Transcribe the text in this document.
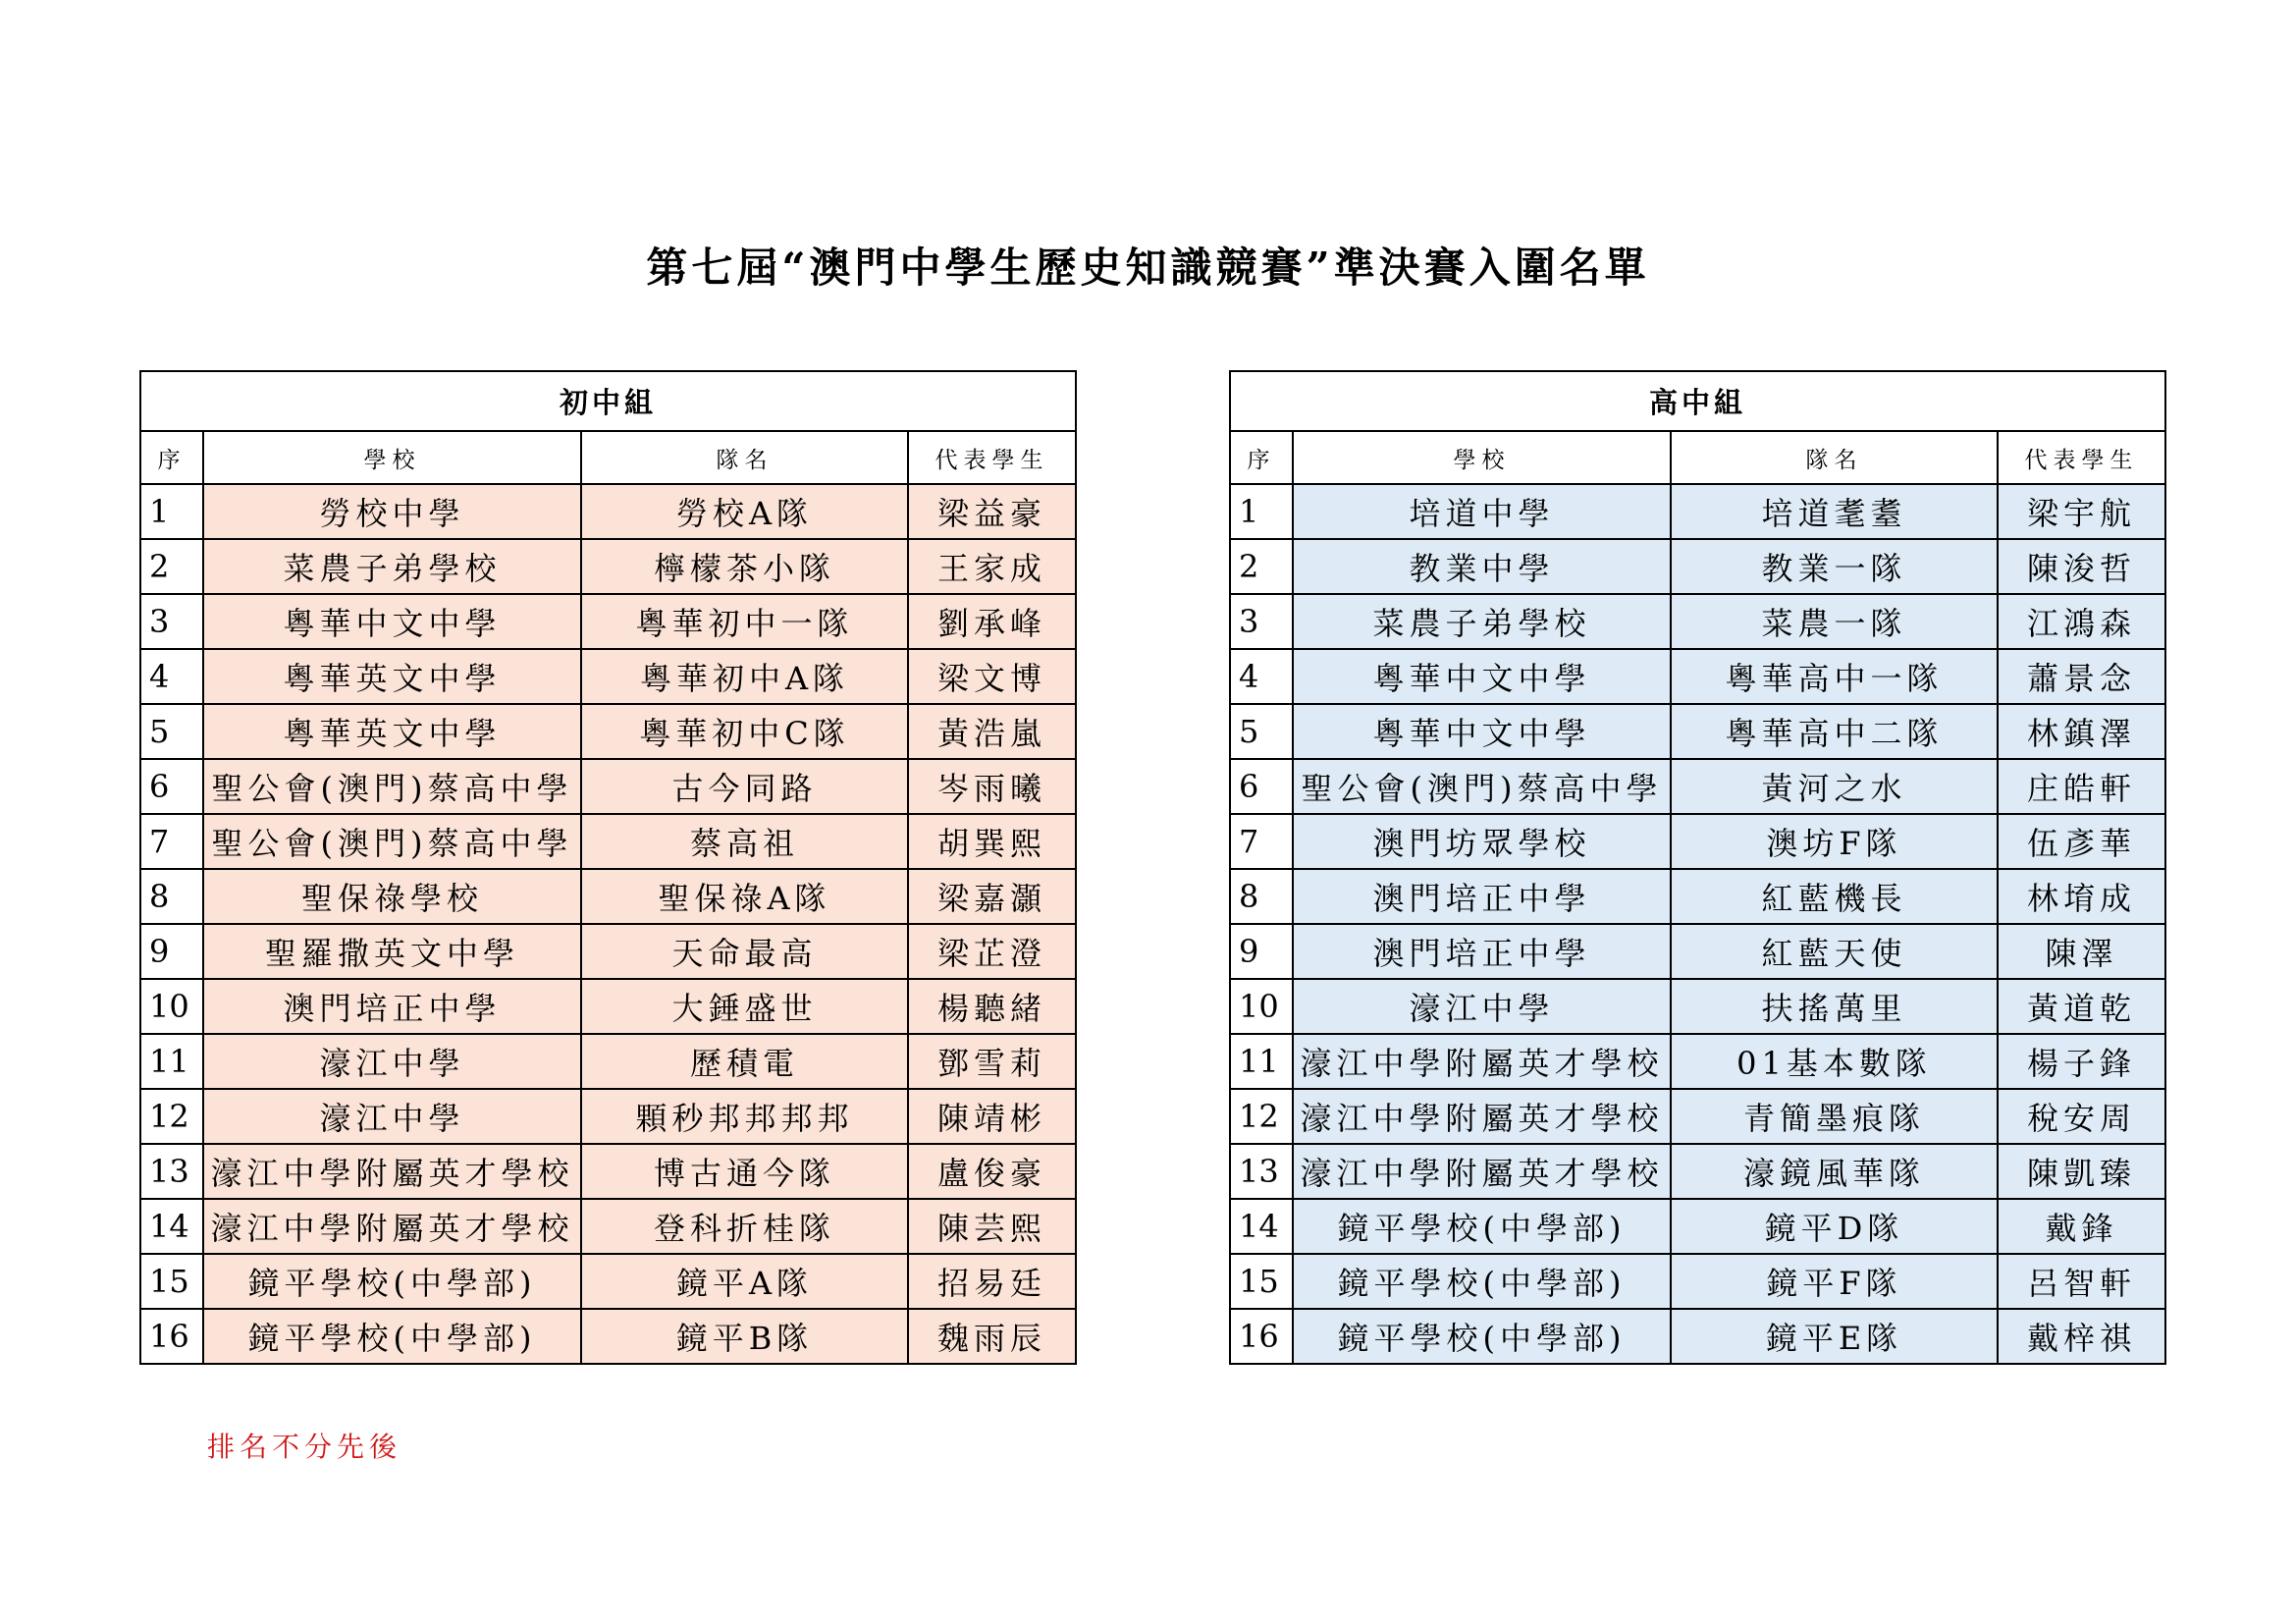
第七屆“澳門中學生歷史知識競賽”準決賽入圍名單
初中組			
序	學校	隊名	代表學生
1	勞校中學	勞校A隊	梁益豪
2	菜農子弟學校	檸檬茶小隊	王家成
3	粵華中文中學	粵華初中一隊	劉承峰
4	粵華英文中學	粵華初中A隊	梁文博
5	粵華英文中學	粵華初中C隊	黃浩嵐
6	聖公會(澳門)蔡高中學	古今同路	岑雨曦
7	聖公會(澳門)蔡高中學	蔡高祖	胡巽熙
8	聖保祿學校	聖保祿A隊	梁嘉灝
9	聖羅撒英文中學	天命最高	梁芷澄
10	澳門培正中學	大錘盛世	楊聽緒
11	濠江中學	歷積電	鄧雪莉
12	濠江中學	顆秒邦邦邦邦	陳靖彬
13	濠江中學附屬英才學校	博古通今隊	盧俊豪
14	濠江中學附屬英才學校	登科折桂隊	陳芸熙
15	鏡平學校(中學部)	鏡平A隊	招易廷
16	鏡平學校(中學部)	鏡平B隊	魏雨辰
高中組			
序	學校	隊名	代表學生
1	培道中學	培道耄耋	梁宇航
2	教業中學	教業一隊	陳浚哲
3	菜農子弟學校	菜農一隊	江鴻森
4	粵華中文中學	粵華高中一隊	蕭景念
5	粵華中文中學	粵華高中二隊	林鎮澤
6	聖公會(澳門)蔡高中學	黃河之水	庄皓軒
7	澳門坊眾學校	澳坊F隊	伍彥華
8	澳門培正中學	紅藍機長	林堉成
9	澳門培正中學	紅藍天使	陳澤
10	濠江中學	扶搖萬里	黃道乾
11	濠江中學附屬英才學校	01基本數隊	楊子鋒
12	濠江中學附屬英才學校	青簡墨痕隊	稅安周
13	濠江中學附屬英才學校	濠鏡風華隊	陳凱臻
14	鏡平學校(中學部)	鏡平D隊	戴鋒
15	鏡平學校(中學部)	鏡平F隊	呂智軒
16	鏡平學校(中學部)	鏡平E隊	戴梓祺
排名不分先後
